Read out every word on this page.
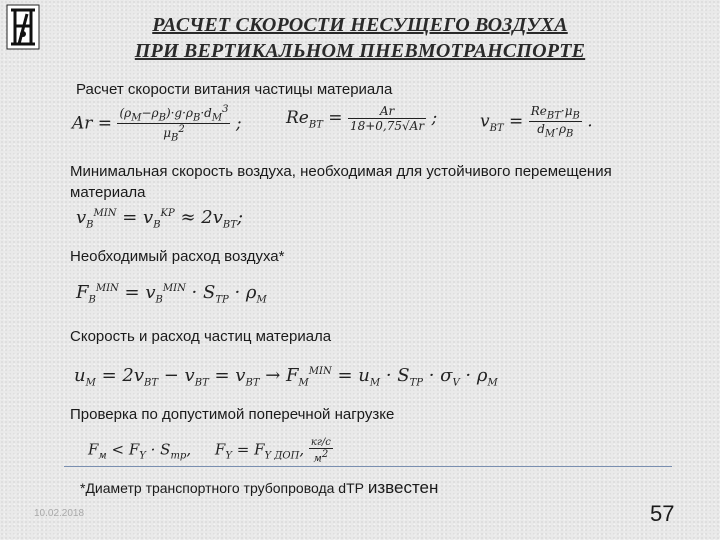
РАСЧЕТ СКОРОСТИ НЕСУЩЕГО ВОЗДУХА
ПРИ ВЕРТИКАЛЬНОМ ПНЕВМОТРАНСПОРТЕ
Расчет скорости витания частицы материала
$Ar = \frac{(\rho_M-\rho_B)\cdot g\cdot\rho_B\cdot d_M^3}{\mu_B^2}$ ;	$Re_{BT} = \frac{Ar}{18+0,75√Ar}$ ;	$v_{BT} = \frac{Re_{BT}\cdot\mu_B}{d_M\cdot\rho_B}$ .
Минимальная скорость воздуха, необходимая для устойчивого перемещения
материала
$v_B^{MIN} = v_B^{KP} \approx 2v_{BT}$;
Необходимый расход воздуха*
$F_B^{MIN} = v_B^{MIN} \cdot S_{TP} \cdot \rho_M$
Скорость и расход частиц материала
$u_M = 2v_{BT} - v_{BT} = v_{BT} \to F_M^{MIN} = u_M \cdot S_{TP} \cdot \sigma_V \cdot \rho_M$
Проверка по допустимой поперечной нагрузке
$F_м < F_Y \cdot S_{тр}$,     $F_Y = F_{Y ДОП}$, $\frac{кг/с}{м^2}$
*Диаметр транспортного трубопровода dТР известен
10.02.2018	57
